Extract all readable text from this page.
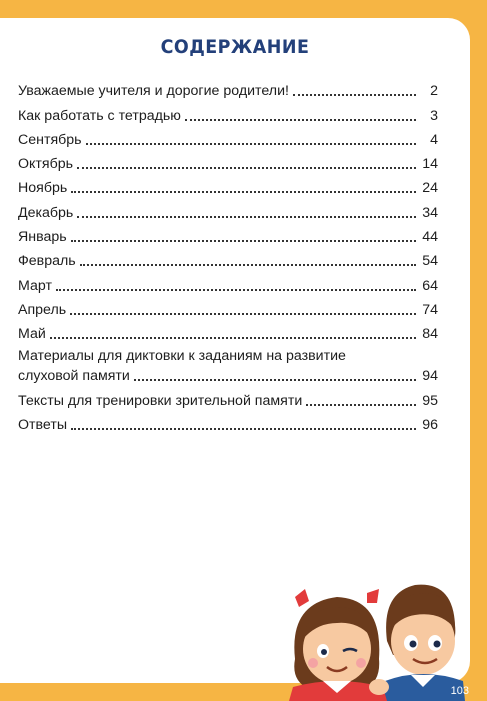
СОДЕРЖАНИЕ
Уважаемые учителя и дорогие родители!	2
Как работать с тетрадью	3
Сентябрь	4
Октябрь	14
Ноябрь	24
Декабрь	34
Январь	44
Февраль	54
Март	64
Апрель	74
Май	84
Материалы для диктовки к заданиям на развитие
слуховой памяти	94
Тексты для тренировки зрительной памяти	95
Ответы	96
103
